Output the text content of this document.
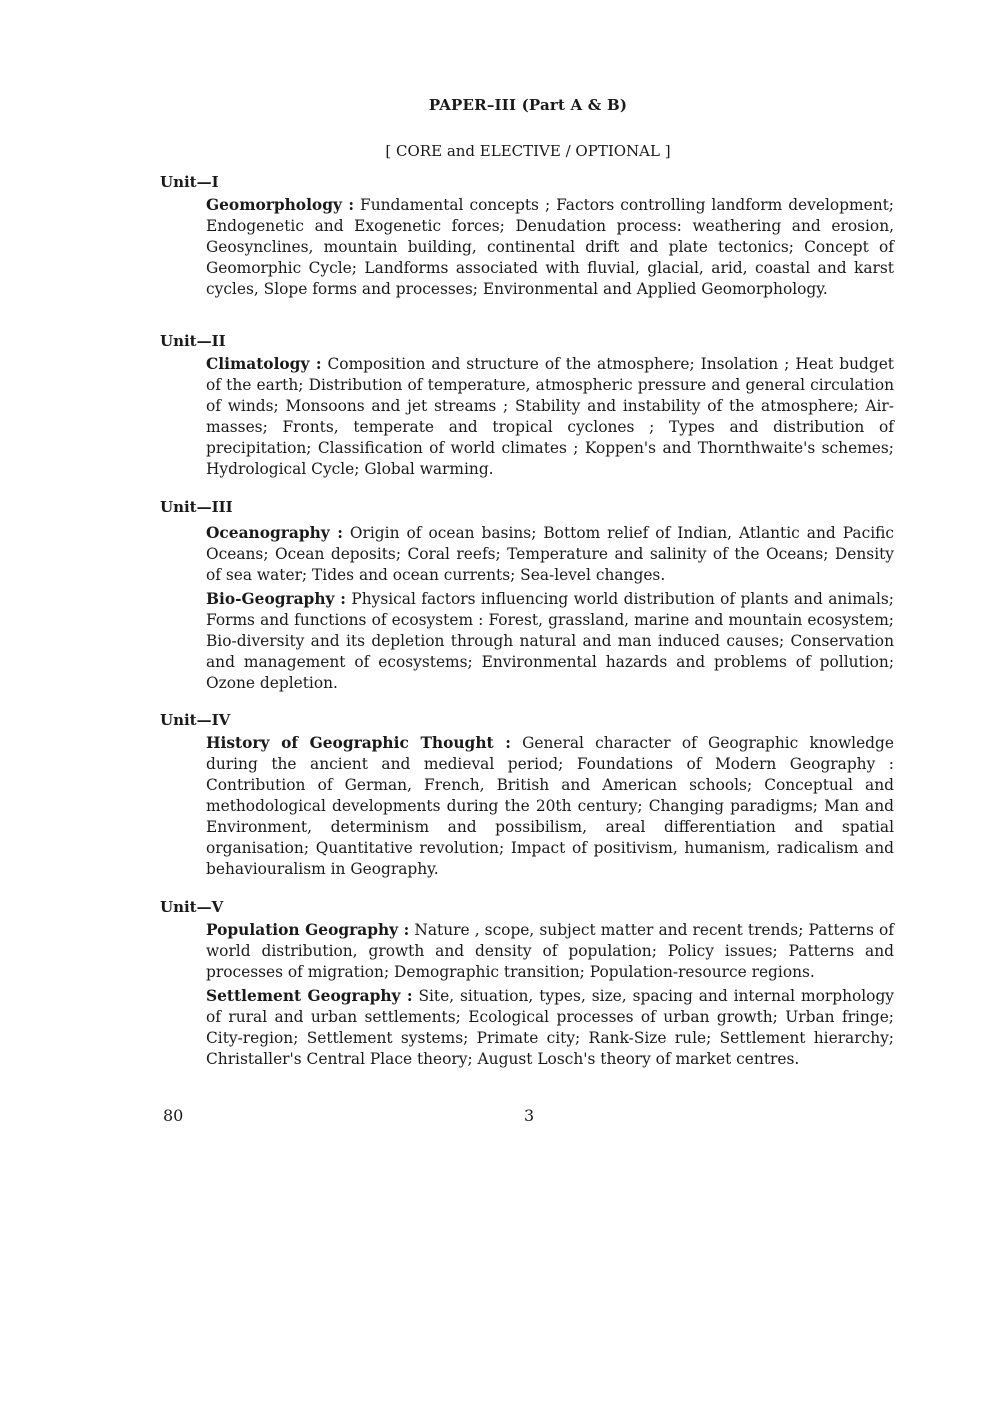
PAPER–III (Part A & B)
[ CORE and ELECTIVE / OPTIONAL ]
Unit—I
Geomorphology : Fundamental concepts ; Factors controlling landform development; Endogenetic and Exogenetic forces; Denudation process: weathering and erosion, Geosynclines, mountain building, continental drift and plate tectonics; Concept of Geomorphic Cycle; Landforms associated with fluvial, glacial, arid, coastal and karst cycles, Slope forms and processes; Environmental and Applied Geomorphology.
Unit—II
Climatology : Composition and structure of the atmosphere; Insolation ; Heat budget of the earth; Distribution of temperature, atmospheric pressure and general circulation of winds; Monsoons and jet streams ; Stability and instability of the atmosphere; Air-masses; Fronts, temperate and tropical cyclones ; Types and distribution of precipitation; Classification of world climates ; Koppen's and Thornthwaite's schemes; Hydrological Cycle; Global warming.
Unit—III
Oceanography : Origin of ocean basins; Bottom relief of Indian, Atlantic and Pacific Oceans; Ocean deposits; Coral reefs; Temperature and salinity of the Oceans; Density of sea water; Tides and ocean currents; Sea-level changes.
Bio-Geography : Physical factors influencing world distribution of plants and animals; Forms and functions of ecosystem : Forest, grassland, marine and mountain ecosystem; Bio-diversity and its depletion through natural and man induced causes; Conservation and management of ecosystems; Environmental hazards and problems of pollution; Ozone depletion.
Unit—IV
History of Geographic Thought : General character of Geographic knowledge during the ancient and medieval period; Foundations of Modern Geography : Contribution of German, French, British and American schools; Conceptual and methodological developments during the 20th century; Changing paradigms; Man and Environment, determinism and possibilism, areal differentiation and spatial organisation; Quantitative revolution; Impact of positivism, humanism, radicalism and behaviouralism in Geography.
Unit—V
Population Geography : Nature , scope, subject matter and recent trends; Patterns of world distribution, growth and density of population; Policy issues; Patterns and processes of migration; Demographic transition; Population-resource regions.
Settlement Geography : Site, situation, types, size, spacing and internal morphology of rural and urban settlements; Ecological processes of urban growth; Urban fringe; City-region; Settlement systems; Primate city; Rank-Size rule; Settlement hierarchy; Christaller's Central Place theory; August Losch's theory of market centres.
80	3
